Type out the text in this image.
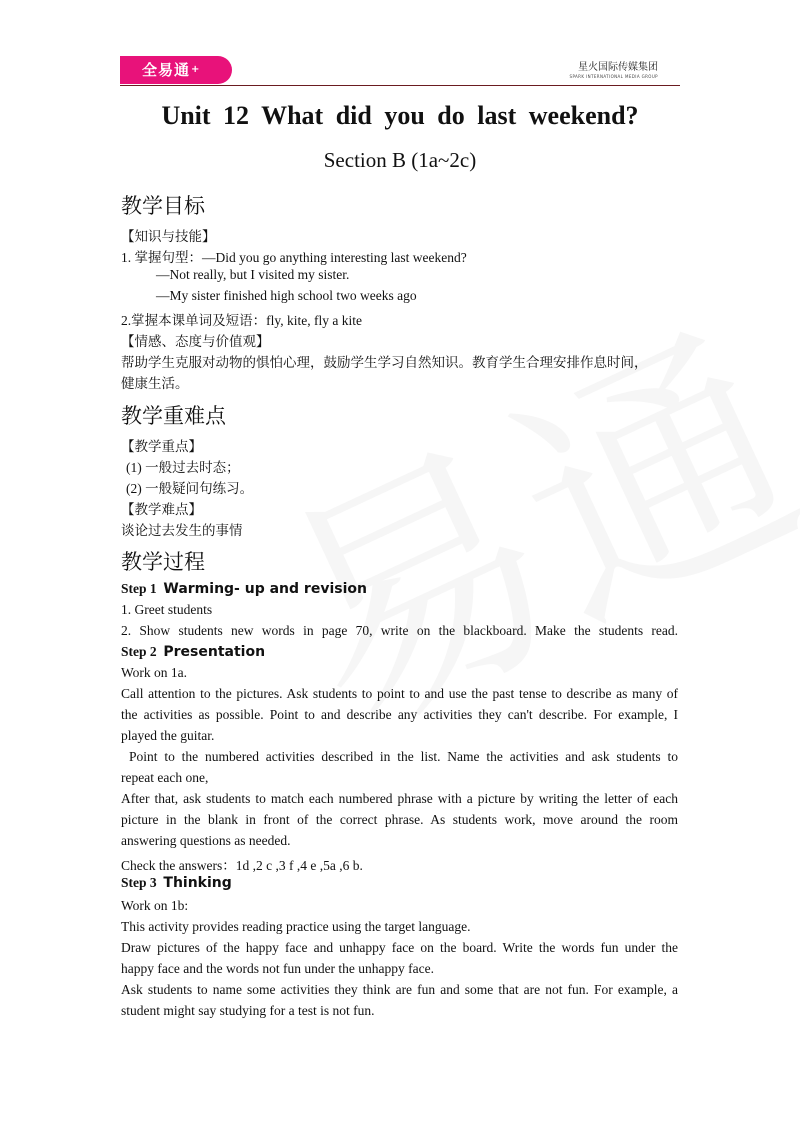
全易通+	星火国际传媒集团
SPARK INTERNATIONAL MEDIA GROUP
Unit 12 What did you do last weekend?
Section B (1a~2c)
教学目标
【知识与技能】
1. 掌握句型：—Did you go anything interesting last weekend?
—Not really, but I visited my sister.
—My sister finished high school two weeks ago
2.掌握本课单词及短语：fly, kite, fly a kite
【情感、态度与价值观】
帮助学生克服对动物的惧怕心理，鼓励学生学习自然知识。教育学生合理安排作息时间，
健康生活。
教学重难点
【教学重点】
(1) 一般过去时态；
(2) 一般疑问句练习。
【教学难点】
谈论过去发生的事情
教学过程
Step 1 Warming- up and revision
1. Greet students
2. Show students new words in page 70, write on the blackboard. Make the students read.
Step 2 Presentation
Work on 1a.
Call attention to the pictures. Ask students to point to and use the past tense to describe as many of
the activities as possible. Point to and describe any activities they can't describe. For example, I
played the guitar.
Point to the numbered activities described in the list. Name the activities and ask students to
repeat each one,
After that, ask students to match each numbered phrase with a picture by writing the letter of each
picture in the blank in front of the correct phrase. As students work, move around the room
answering questions as needed.
Check the answers：1d ,2 c ,3 f ,4 e ,5a ,6 b.
Step 3 Thinking
Work on 1b:
This activity provides reading practice using the target language.
Draw pictures of the happy face and unhappy face on the board. Write the words fun under the
happy face and the words not fun under the unhappy face.
Ask students to name some activities they think are fun and some that are not fun. For example, a
student might say studying for a test is not fun.
